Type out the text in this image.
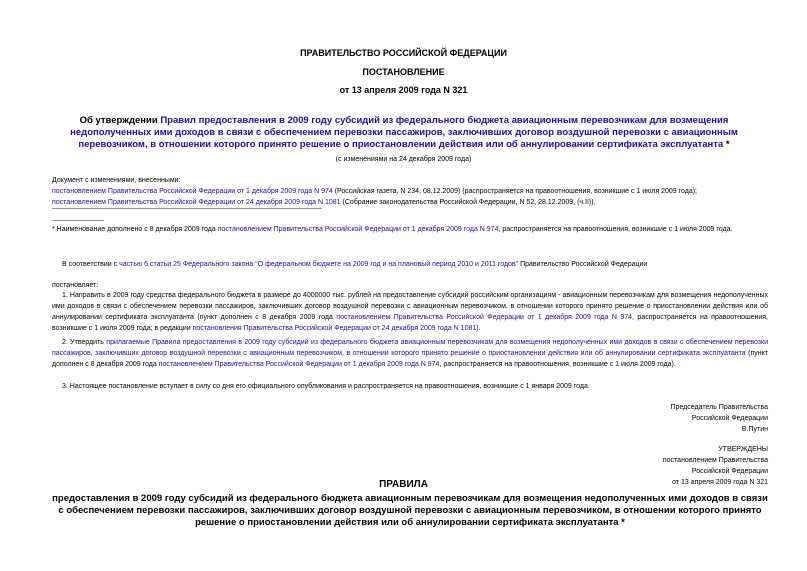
ПРАВИТЕЛЬСТВО РОССИЙСКОЙ ФЕДЕРАЦИИ
ПОСТАНОВЛЕНИЕ
от 13 апреля 2009 года N 321
Об утверждении Правил предоставления в 2009 году субсидий из федерального бюджета авиационным перевозчикам для возмещения недополученных ими доходов в связи с обеспечением перевозки пассажиров, заключивших договор воздушной перевозки с авиационным перевозчиком, в отношении которого принято решение о приостановлении действия или об аннулировании сертификата эксплуатанта *
(с изменениями на 24 декабря 2009 года)
Документ с изменениями, внесенными:
постановлением Правительства Российской Федерации от 1 декабря 2009 года N 974 (Российская газета, N 234, 08.12.2009) (распространяется на правоотношения, возникшие с 1 июля 2009 года);
постановлением Правительства Российской Федерации от 24 декабря 2009 года N 1081 (Собрание законодательства Российской Федерации, N 52, 28.12.2009, (ч.II)).
* Наименование дополнено с 8 декабря 2009 года постановлением Правительства Российской Федерации от 1 декабря 2009 года N 974, распространяется на правоотношения, возникшие с 1 июля 2009 года.
В соответствии с частью 6 статьи 25 Федерального закона "О федеральном бюджете на 2009 год и на плановый период 2010 и 2011 годов" Правительство Российской Федерации
постановляет:
1. Направить в 2009 году средства федерального бюджета в размере до 4000000 тыс. рублей на предоставление субсидий российским организациям - авиационным перевозчикам для возмещения недополученных ими доходов в связи с обеспечением перевозки пассажиров, заключивших договор воздушной перевозки с авиационным перевозчиком, в отношении которого принято решение о приостановлении действия или об аннулировании сертификата эксплуатанта (пункт дополнен с 8 декабря 2009 года постановлением Правительства Российской Федерации от 1 декабря 2009 года N 974, распространяется на правоотношения, возникшие с 1 июля 2009 года; в редакции постановления Правительства Российской Федерации от 24 декабря 2009 года N 1081).
2. Утвердить прилагаемые Правила предоставления в 2009 году субсидий из федерального бюджета авиационным перевозчикам для возмещения недополученных ими доходов в связи с обеспечением перевозки пассажиров, заключивших договор воздушной перевозки с авиационным перевозчиком, в отношении которого принято решение о приостановлении действия или об аннулировании сертификата эксплуатанта (пункт дополнен с 8 декабря 2009 года постановлением Правительства Российской Федерации от 1 декабря 2009 года N 974, распространяется на правоотношения, возникшие с 1 июля 2009 года).
3. Настоящее постановление вступает в силу со дня его официального опубликования и распространяется на правоотношения, возникшие с 1 января 2009 года.
Председатель Правительства
Российской Федерации
В.Путин
УТВЕРЖДЕНЫ
постановлением Правительства
Российской Федерации
от 13 апреля 2009 года N 321
ПРАВИЛА
предоставления в 2009 году субсидий из федерального бюджета авиационным перевозчикам для возмещения недополученных ими доходов в связи с обеспечением перевозки пассажиров, заключивших договор воздушной перевозки с авиационным перевозчиком, в отношении которого принято решение о приостановлении действия или об аннулировании сертификата эксплуатанта *
